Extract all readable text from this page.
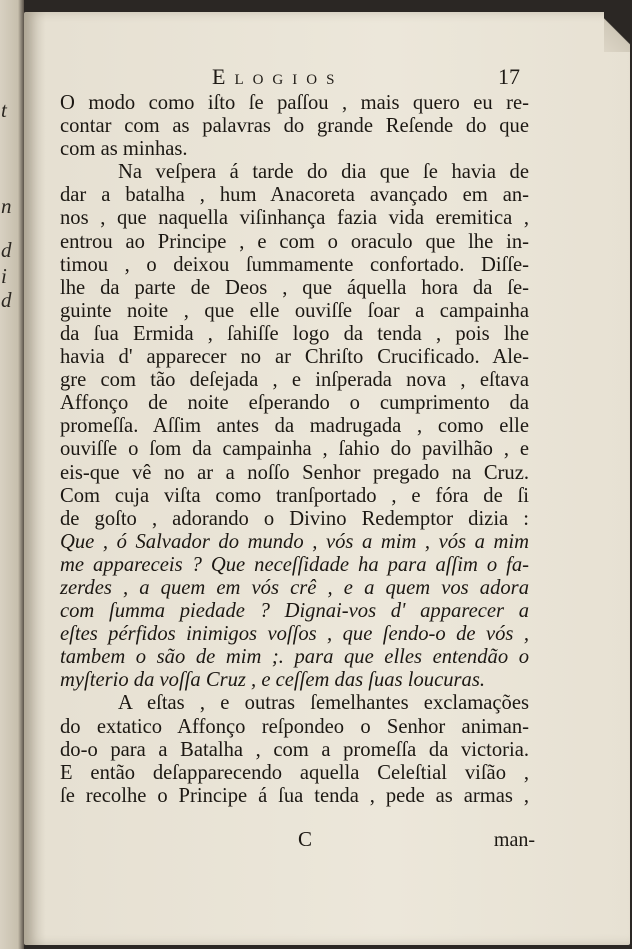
t
n
d
i
d
Elogios	17
O modo como iſto ſe paſſou , mais quero eu re-
contar com as palavras do grande Reſende do que
com as minhas.
Na veſpera á tarde do dia que ſe havia de
dar a batalha , hum Anacoreta avançado em an-
nos , que naquella viſinhança fazia vida eremitica ,
entrou ao Principe , e com o oraculo que lhe in-
timou , o deixou ſummamente confortado. Diſſe-
lhe da parte de Deos , que áquella hora da ſe-
guinte noite , que elle ouviſſe ſoar a campainha
da ſua Ermida , ſahiſſe logo da tenda , pois lhe
havia d' apparecer no ar Chriſto Crucificado. Ale-
gre com tão deſejada , e inſperada nova , eſtava
Affonço de noite eſperando o cumprimento da
promeſſa. Aſſim antes da madrugada , como elle
ouviſſe o ſom da campainha , ſahio do pavilhão , e
eis-que vê no ar a noſſo Senhor pregado na Cruz.
Com cuja viſta como tranſportado , e fóra de ſi
de goſto , adorando o Divino Redemptor dizia :
Que , ó Salvador do mundo , vós a mim , vós a mim
me appareceis ? Que neceſſidade ha para aſſim o fa-
zerdes , a quem em vós crê , e a quem vos adora
com ſumma piedade ? Dignai-vos d' apparecer a
eſtes pérfidos inimigos voſſos , que ſendo-o de vós ,
tambem o são de mim ;. para que elles entendão o
myſterio da voſſa Cruz , e ceſſem das ſuas loucuras.
A eſtas , e outras ſemelhantes exclamações
do extatico Affonço reſpondeo o Senhor animan-
do-o para a Batalha , com a promeſſa da victoria.
E então deſapparecendo aquella Celeſtial viſão ,
ſe recolhe o Principe á ſua tenda , pede as armas ,
C	man-
